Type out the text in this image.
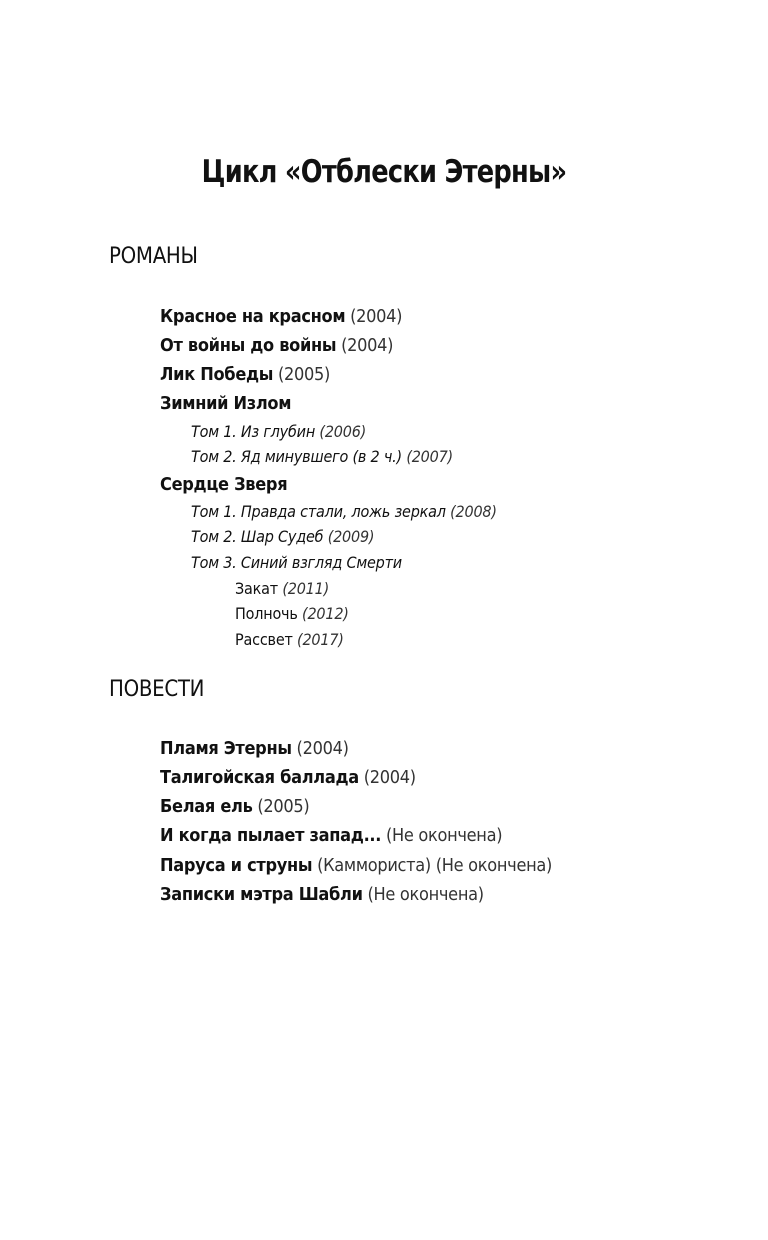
Цикл «Отблески Этерны»
РОМАНЫ
Красное на красном (2004)
От войны до войны (2004)
Лик Победы (2005)
Зимний Излом
Том 1. Из глубин (2006)
Том 2. Яд минувшего (в 2 ч.) (2007)
Сердце Зверя
Том 1. Правда стали, ложь зеркал (2008)
Том 2. Шар Судеб (2009)
Том 3. Синий взгляд Смерти
Закат (2011)
Полночь (2012)
Рассвет (2017)
ПОВЕСТИ
Пламя Этерны (2004)
Талигойская баллада (2004)
Белая ель (2005)
И когда пылает запад... (Не окончена)
Паруса и струны (Каммориста) (Не окончена)
Записки мэтра Шабли (Не окончена)
